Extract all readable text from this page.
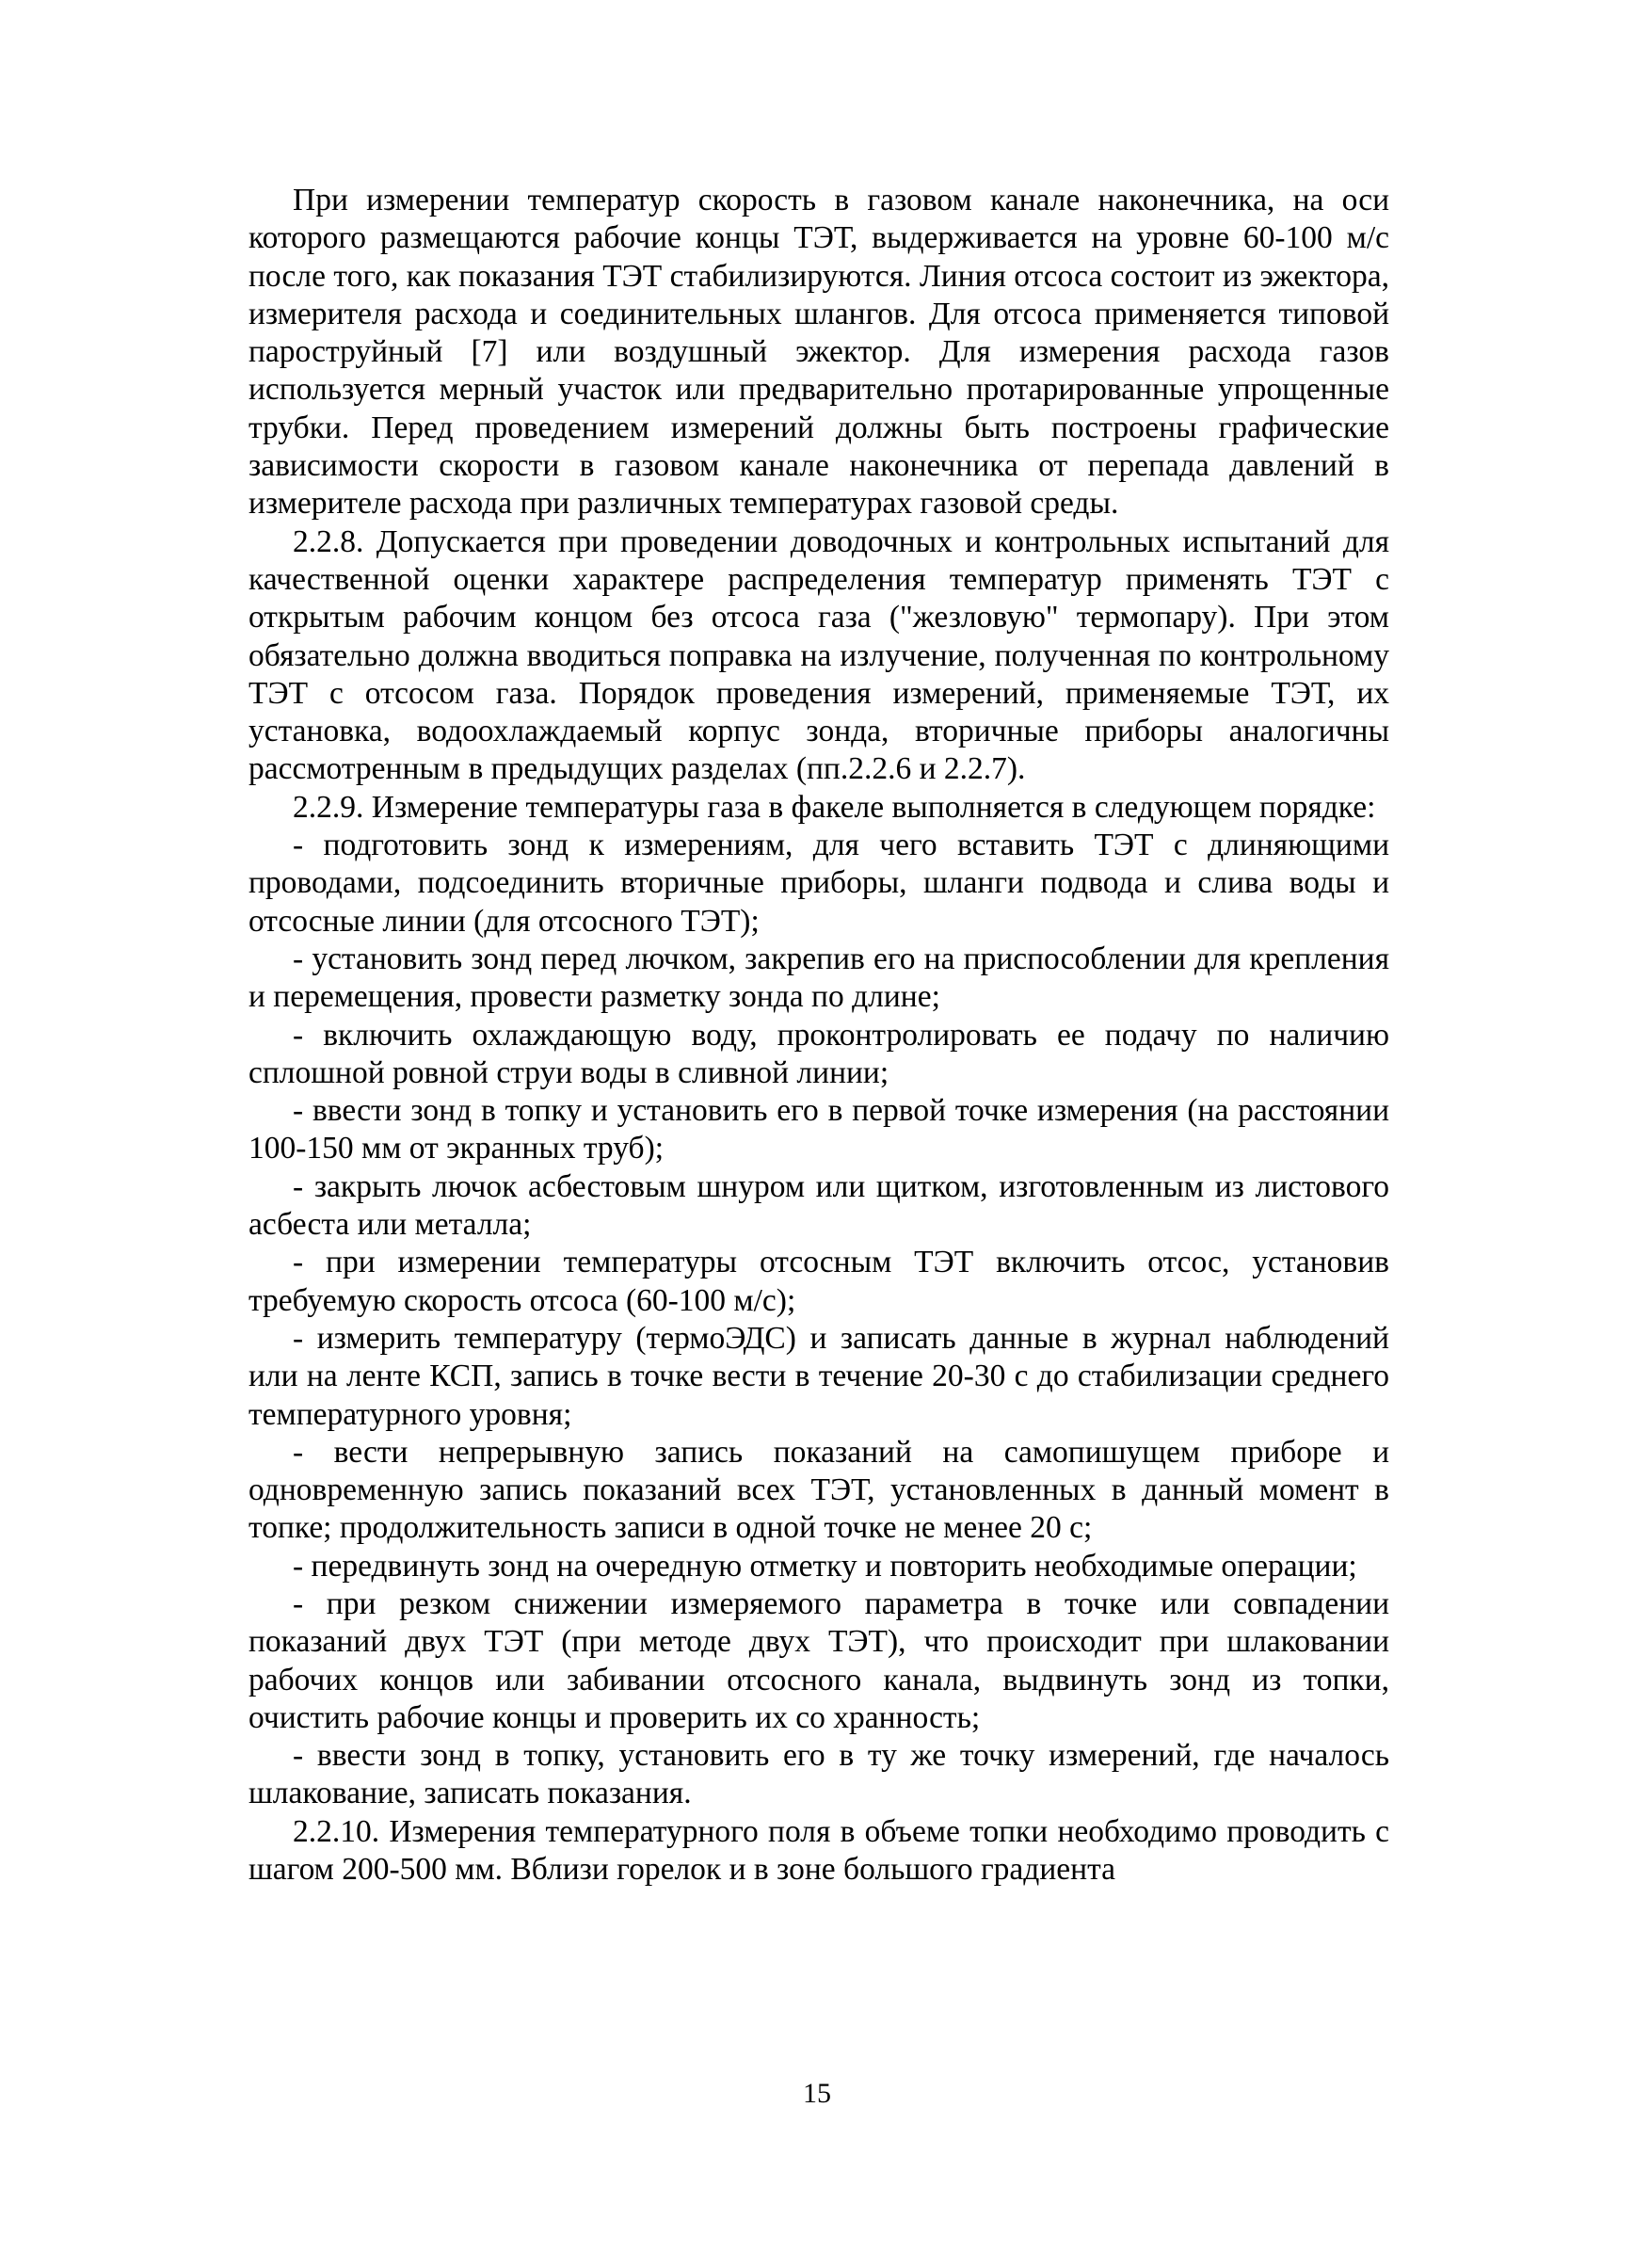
При измерении температур скорость в газовом канале наконечника, на оси которого размещаются рабочие концы ТЭТ, выдерживается на уровне 60-100 м/с после того, как показания ТЭТ стабилизируются. Линия отсоса состоит из эжектора, измерителя расхода и соединительных шлангов. Для отсоса применяется типовой пароструйный [7] или воздушный эжектор. Для измерения расхода газов используется мерный участок или предварительно протарированные упрощенные трубки. Перед проведением измерений должны быть построены графические зависимости скорости в газовом канале наконечника от перепада давлений в измерителе расхода при различных температурах газовой среды.

2.2.8. Допускается при проведении доводочных и контрольных испытаний для качественной оценки характере распределения температур применять ТЭТ с открытым рабочим концом без отсоса газа ("жезловую" термопару). При этом обязательно должна вводиться поправка на излучение, полученная по контрольному ТЭТ с отсосом газа. Порядок проведения измерений, применяемые ТЭТ, их установка, водоохлаждаемый корпус зонда, вторичные приборы аналогичны рассмотренным в предыдущих разделах (пп.2.2.6 и 2.2.7).

2.2.9. Измерение температуры газа в факеле выполняется в следующем порядке:

- подготовить зонд к измерениям, для чего вставить ТЭТ с длиняющими проводами, подсоединить вторичные приборы, шланги подвода и слива воды и отсосные линии (для отсосного ТЭТ);

- установить зонд перед лючком, закрепив его на приспособлении для крепления и перемещения, провести разметку зонда по длине;

- включить охлаждающую воду, проконтролировать ее подачу по наличию сплошной ровной струи воды в сливной линии;

- ввести зонд в топку и установить его в первой точке измерения (на расстоянии 100-150 мм от экранных труб);

- закрыть лючок асбестовым шнуром или щитком, изготовленным из листового асбеста или металла;

- при измерении температуры отсосным ТЭТ включить отсос, установив требуемую скорость отсоса (60-100 м/с);

- измерить температуру (термоЭДС) и записать данные в журнал наблюдений или на ленте КСП, запись в точке вести в течение 20-30 с до стабилизации среднего температурного уровня;

- вести непрерывную запись показаний на самопишущем приборе и одновременную запись показаний всех ТЭТ, установленных в данный момент в топке; продолжительность записи в одной точке не менее 20 с;

- передвинуть зонд на очередную отметку и повторить необходимые операции;

- при резком снижении измеряемого параметра в точке или совпадении показаний двух ТЭТ (при методе двух ТЭТ), что происходит при шлаковании рабочих концов или забивании отсосного канала, выдвинуть зонд из топки, очистить рабочие концы и проверить их со хранность;

- ввести зонд в топку, установить его в ту же точку измерений, где началось шлакование, записать показания.

2.2.10. Измерения температурного поля в объеме топки необходимо проводить с шагом 200-500 мм. Вблизи горелок и в зоне большого градиента

15
